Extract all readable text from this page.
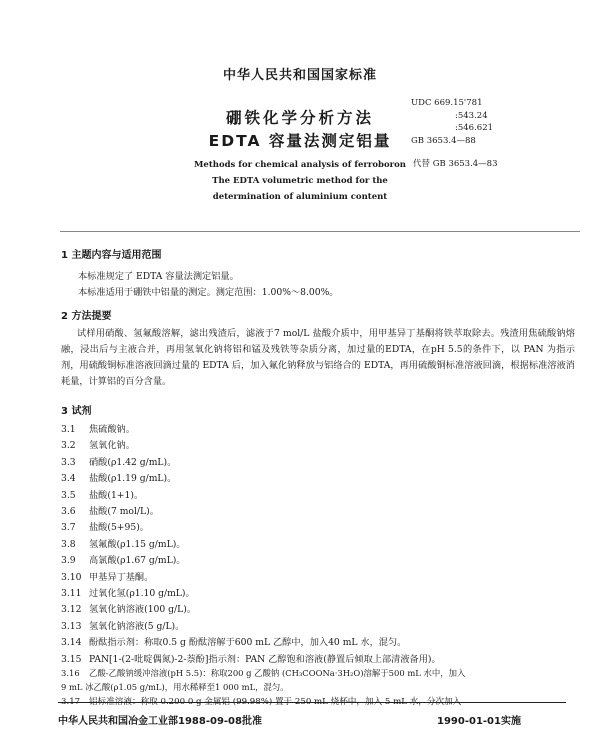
中华人民共和国国家标准
硼铁化学分析方法
EDTA 容量法测定铝量
Methods for chemical analysis of ferroboron
The EDTA volumetric method for the
determination of aluminium content
UDC 669.15'781
:543.24
:546.621
GB 3653.4—88
代替 GB 3653.4—83
1 主题内容与适用范围
本标准规定了 EDTA 容量法测定铝量。
本标准适用于硼铁中铝量的测定。测定范围：1.00%～8.00%。
2 方法提要
试样用硝酸、氢氟酸溶解，滤出残渣后，滤液于7 mol/L 盐酸介质中，用甲基异丁基酮将铁萃取除去。残渣用焦硫酸钠熔融，浸出后与主液合并，再用氢氧化钠将铝和锰及残铁等杂质分离，加过量的EDTA，在pH 5.5的条件下，以 PAN 为指示剂，用硫酸铜标准溶液回滴过量的 EDTA 后，加入氟化钠释放与铝络合的 EDTA，再用硫酸铜标准溶液回滴，根据标准溶液消耗量，计算铝的百分含量。
3 试剂
3.1 焦硫酸钠。
3.2 氢氧化钠。
3.3 硝酸(ρ1.42 g/mL)。
3.4 盐酸(ρ1.19 g/mL)。
3.5 盐酸(1+1)。
3.6 盐酸(7 mol/L)。
3.7 盐酸(5+95)。
3.8 氢氟酸(ρ1.15 g/mL)。
3.9 高氯酸(ρ1.67 g/mL)。
3.10 甲基异丁基酮。
3.11 过氧化氢(ρ1.10 g/mL)。
3.12 氢氧化钠溶液(100 g/L)。
3.13 氢氧化钠溶液(5 g/L)。
3.14 酚酞指示剂：称取0.5 g 酚酞溶解于600 mL 乙醇中，加入40 mL 水，混匀。
3.15 PAN[1-(2-吡啶偶氮)-2-萘酚]指示剂：PAN 乙醇饱和溶液(静置后倾取上部清液备用)。
3.16 乙酸-乙酸钠缓冲溶液(pH 5.5)：称取200 g 乙酸钠 (CH₃COONa·3H₂O)溶解于500 mL 水中，加入
9 mL 冰乙酸(ρ1.05 g/mL)，用水稀释至1 000 mL，混匀。
3.17 铝标准溶液：称取 0.200 0 g 金属铝 (99.98%) 置于 250 mL 烧杯中，加入 5 mL 水，分次加入
中华人民共和国冶金工业部1988-09-08批准	1990-01-01实施
